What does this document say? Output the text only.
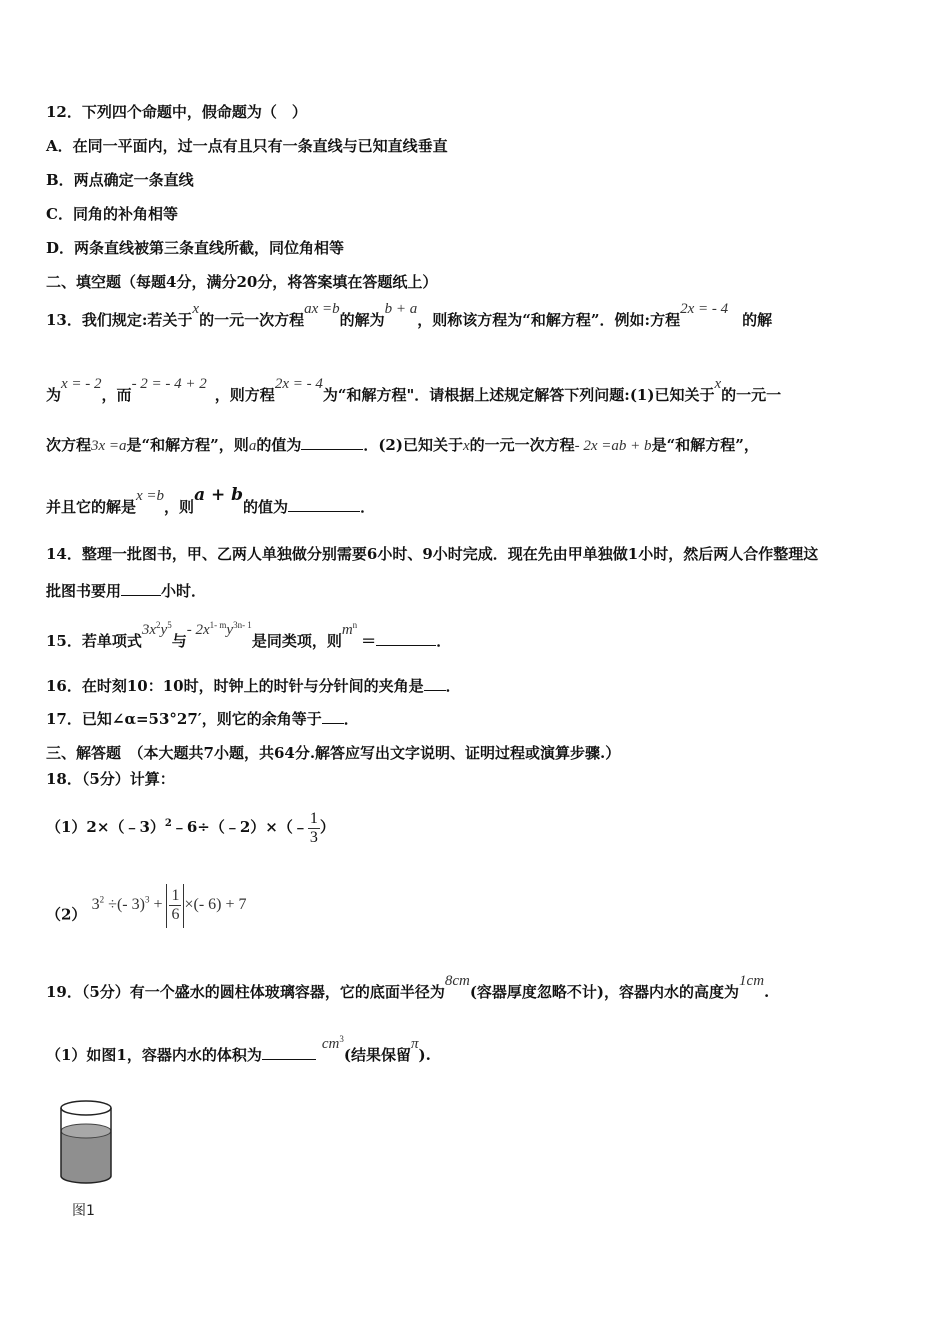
12．下列四个命题中，假命题为（　）
A．在同一平面内，过一点有且只有一条直线与已知直线垂直
B．两点确定一条直线
C．同角的补角相等
D．两条直线被第三条直线所截，同位角相等
二、填空题（每题4分，满分20分，将答案填在答题纸上）
13．我们规定:若关于x的一元一次方程ax =b的解为b + a，则称该方程为“和解方程”．例如:方程2x = - 4的解
为x = - 2，而- 2 = - 4 + 2，则方程2x = - 4为“和解方程"．请根据上述规定解答下列问题:(1)已知关于x的一元一
次方程3x =a是“和解方程”，则a的值为	．(2)已知关于x的一元一次方程- 2x =ab + b是“和解方程”，
并且它的解是x =b，则a + b的值为	．
14．整理一批图书，甲、乙两人单独做分别需要6小时、9小时完成．现在先由甲单独做1小时，然后两人合作整理这
批图书要用	小时．
15．若单项式$3x^2y^5$与- $2x^{1- m}y^{3n- 1}$是同类项，则$m^n=$	．
16．在时刻10：10时，时钟上的时针与分针间的夹角是 ．
17．已知∠α=53°27′，则它的余角等于 ．
三、解答题　（本大题共7小题，共64分.解答应写出文字说明、证明过程或演算步骤.）
18．（5分）计算：
（1）2×（﹣3）$^2$﹣6÷（﹣2）×（﹣ $\frac{1}{3}$ ）
（2） $3^2$ ÷(- $3)^3 + \frac{1}{6}$ ×(- 6) + 7
19．（5分）有一个盛水的圆柱体玻璃容器，它的底面半径为8cm(容器厚度忽略不计)，容器内水的高度为1cm.
（1）如图1，容器内水的体积为$cm^3$(结果保留π).
图1
